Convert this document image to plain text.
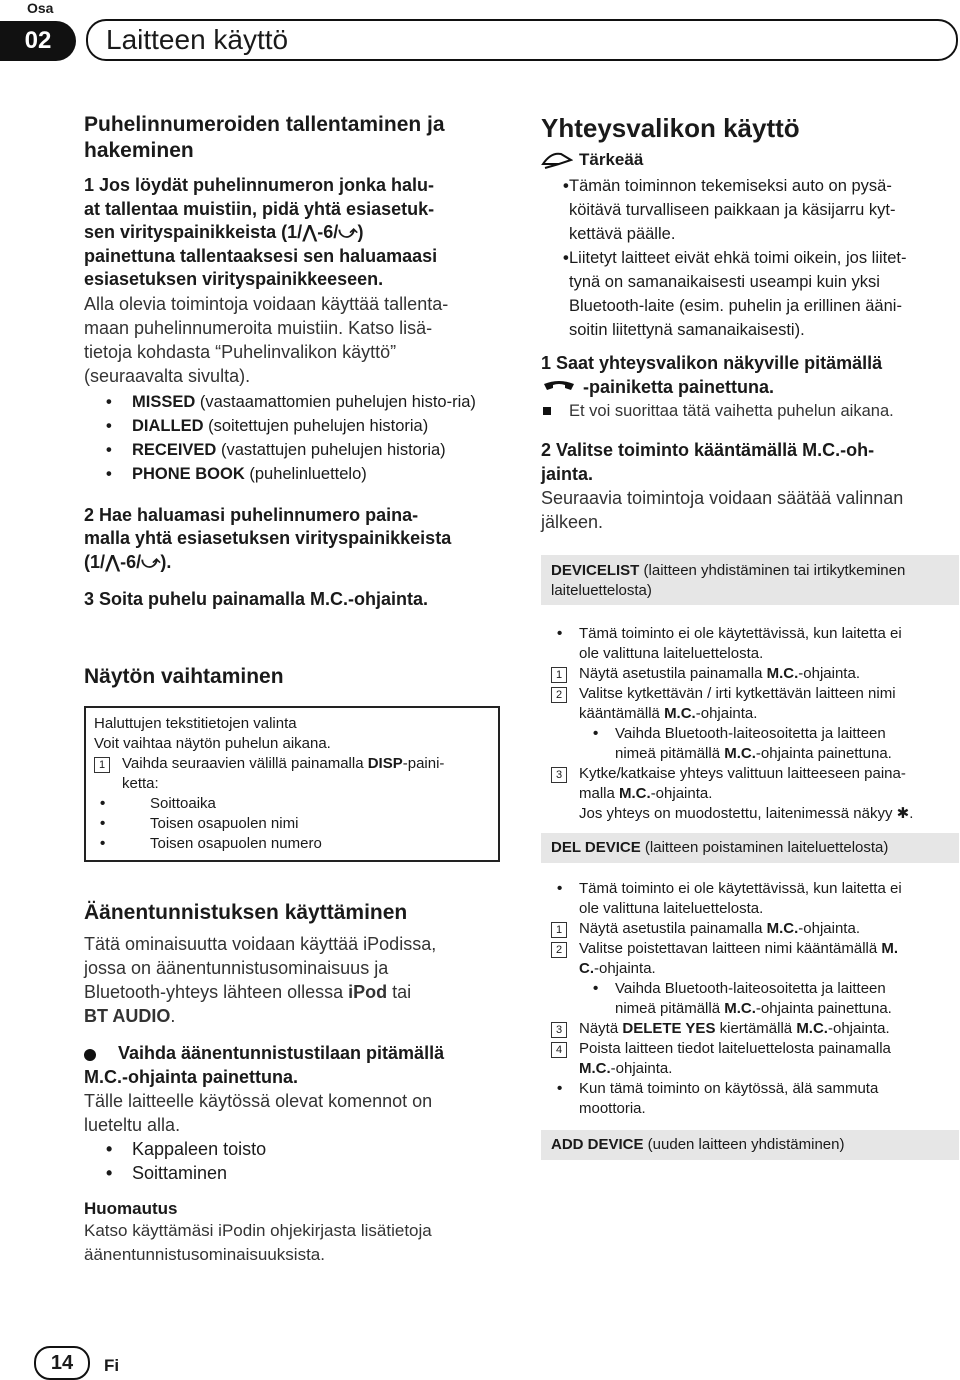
Osa
02	Laitteen käyttö
Puhelinnumeroiden tallentaminen ja
hakeminen
1 Jos löydät puhelinnumeron jonka halu-
at tallentaa muistiin, pidä yhtä esiasetuk-
sen virityspainikkeista (1/⋀-6/⤻)
painettuna tallentaaksesi sen haluamaasi
esiasetuksen virityspainikkeeseen.
Alla olevia toimintoja voidaan käyttää tallenta-
maan puhelinnumeroita muistiin. Katso lisä-
tietoja kohdasta “Puhelinvalikon käyttö”
(seuraavalta sivulta).
• MISSED (vastaamattomien puhelujen histo-ria)
• DIALLED (soitettujen puhelujen historia)
• RECEIVED (vastattujen puhelujen historia)
• PHONE BOOK (puhelinluettelo)
2 Hae haluamasi puhelinnumero paina-
malla yhtä esiasetuksen virityspainikkeista
(1/⋀-6/⤻).
3 Soita puhelu painamalla M.C.-ohjainta.
Näytön vaihtaminen
Haluttujen tekstitietojen valinta
Voit vaihtaa näytön puhelun aikana.
1	Vaihda seuraavien välillä painamalla DISP-paini-
ketta:
• Soittoaika
• Toisen osapuolen nimi
• Toisen osapuolen numero
Äänentunnistuksen käyttäminen
Tätä ominaisuutta voidaan käyttää iPodissa,
jossa on äänentunnistusominaisuus ja
Bluetooth-yhteys lähteen ollessa iPod tai
BT AUDIO.
Vaihda äänentunnistustilaan pitämällä
M.C.-ohjainta painettuna.
Tälle laitteelle käytössä olevat komennot on
lueteltu alla.
• Kappaleen toisto
• Soittaminen
Huomautus
Katso käyttämäsi iPodin ohjekirjasta lisätietoja
äänentunnistusominaisuuksista.
Yhteysvalikon käyttö
Tärkeää
• Tämän toiminnon tekemiseksi auto on pysä-
köitävä turvalliseen paikkaan ja käsijarru kyt-
kettävä päälle.
• Liitetyt laitteet eivät ehkä toimi oikein, jos liitet-
tynä on samanaikaisesti useampi kuin yksi
Bluetooth-laite (esim. puhelin ja erillinen ääni-
soitin liitettynä samanaikaisesti).
1 Saat yhteysvalikon näkyville pitämällä
-painiketta painettuna.
Et voi suorittaa tätä vaihetta puhelun aikana.
2 Valitse toiminto kääntämällä M.C.-oh-
jainta.
Seuraavia toimintoja voidaan säätää valinnan
jälkeen.
DEVICELIST (laitteen yhdistäminen tai irtikytkeminen
laiteluettelosta)
• Tämä toiminto ei ole käytettävissä, kun laitetta ei
ole valittuna laiteluettelosta.
1	Näytä asetustila painamalla M.C.-ohjainta.
2	Valitse kytkettävän / irti kytkettävän laitteen nimi
kääntämällä M.C.-ohjainta.
• Vaihda Bluetooth-laiteosoitetta ja laitteen
nimeä pitämällä M.C.-ohjainta painettuna.
3	Kytke/katkaise yhteys valittuun laitteeseen paina-
malla M.C.-ohjainta.
Jos yhteys on muodostettu, laitenimessä näkyy ✱.
DEL DEVICE (laitteen poistaminen laiteluettelosta)
• Tämä toiminto ei ole käytettävissä, kun laitetta ei
ole valittuna laiteluettelosta.
1	Näytä asetustila painamalla M.C.-ohjainta.
2	Valitse poistettavan laitteen nimi kääntämällä M.
C.-ohjainta.
• Vaihda Bluetooth-laiteosoitetta ja laitteen
nimeä pitämällä M.C.-ohjainta painettuna.
3	Näytä DELETE YES kiertämällä M.C.-ohjainta.
4	Poista laitteen tiedot laiteluettelosta painamalla
M.C.-ohjainta.
• Kun tämä toiminto on käytössä, älä sammuta
moottoria.
ADD DEVICE (uuden laitteen yhdistäminen)
14	Fi
